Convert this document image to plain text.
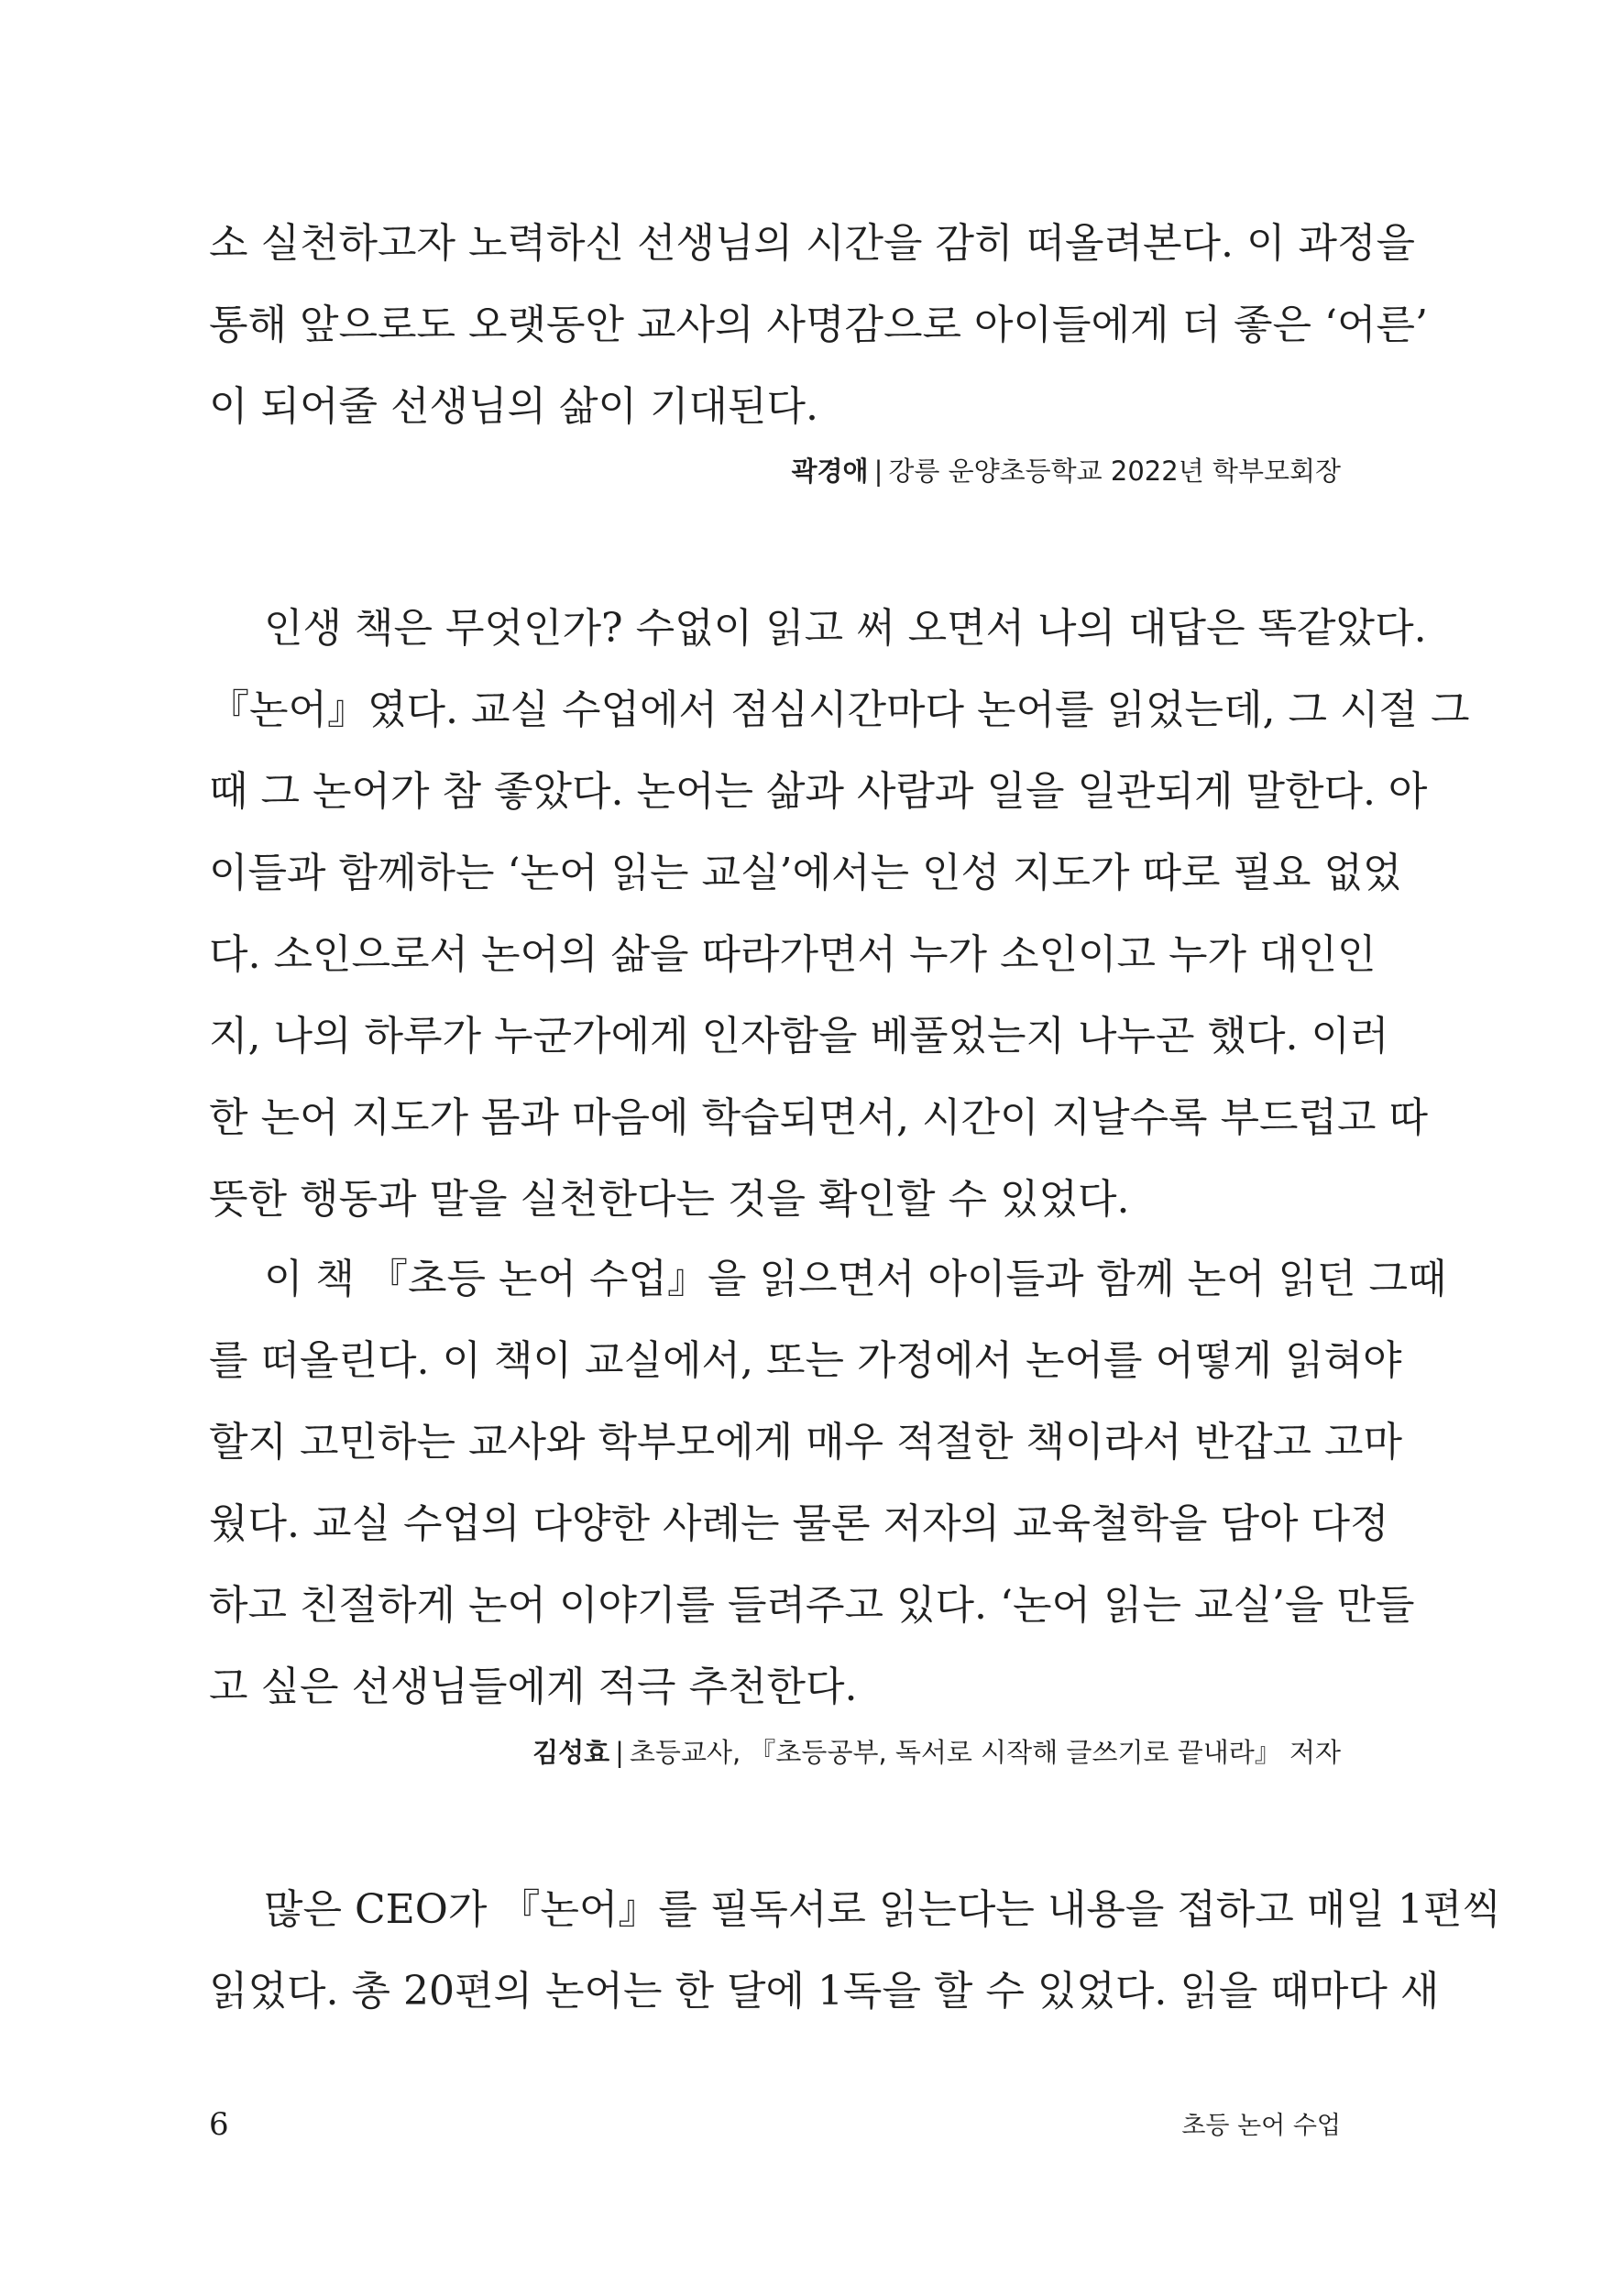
소 실천하고자 노력하신 선생님의 시간을 감히 떠올려본다. 이 과정을
통해 앞으로도 오랫동안 교사의 사명감으로 아이들에게 더 좋은 ‘어른’
이 되어줄 선생님의 삶이 기대된다.
곽경애 | 강릉 운양초등학교 2022년 학부모회장
인생 책은 무엇인가? 수없이 읽고 써 오면서 나의 대답은 똑같았다.
『논어』였다. 교실 수업에서 점심시간마다 논어를 읽었는데, 그 시절 그
때 그 논어가 참 좋았다. 논어는 삶과 사람과 일을 일관되게 말한다. 아
이들과 함께하는 ‘논어 읽는 교실’에서는 인성 지도가 따로 필요 없었
다. 소인으로서 논어의 삶을 따라가면서 누가 소인이고 누가 대인인
지, 나의 하루가 누군가에게 인자함을 베풀었는지 나누곤 했다. 이러
한 논어 지도가 몸과 마음에 학습되면서, 시간이 지날수록 부드럽고 따
뜻한 행동과 말을 실천한다는 것을 확인할 수 있었다.
이 책 『초등 논어 수업』을 읽으면서 아이들과 함께 논어 읽던 그때
를 떠올린다. 이 책이 교실에서, 또는 가정에서 논어를 어떻게 읽혀야
할지 고민하는 교사와 학부모에게 매우 적절한 책이라서 반갑고 고마
웠다. 교실 수업의 다양한 사례는 물론 저자의 교육철학을 담아 다정
하고 친절하게 논어 이야기를 들려주고 있다. ‘논어 읽는 교실’을 만들
고 싶은 선생님들에게 적극 추천한다.
김성효 | 초등교사, 『초등공부, 독서로 시작해 글쓰기로 끝내라』 저자
많은 CEO가 『논어』를 필독서로 읽는다는 내용을 접하고 매일 1편씩
읽었다. 총 20편의 논어는 한 달에 1독을 할 수 있었다. 읽을 때마다 새
6	초등 논어 수업
